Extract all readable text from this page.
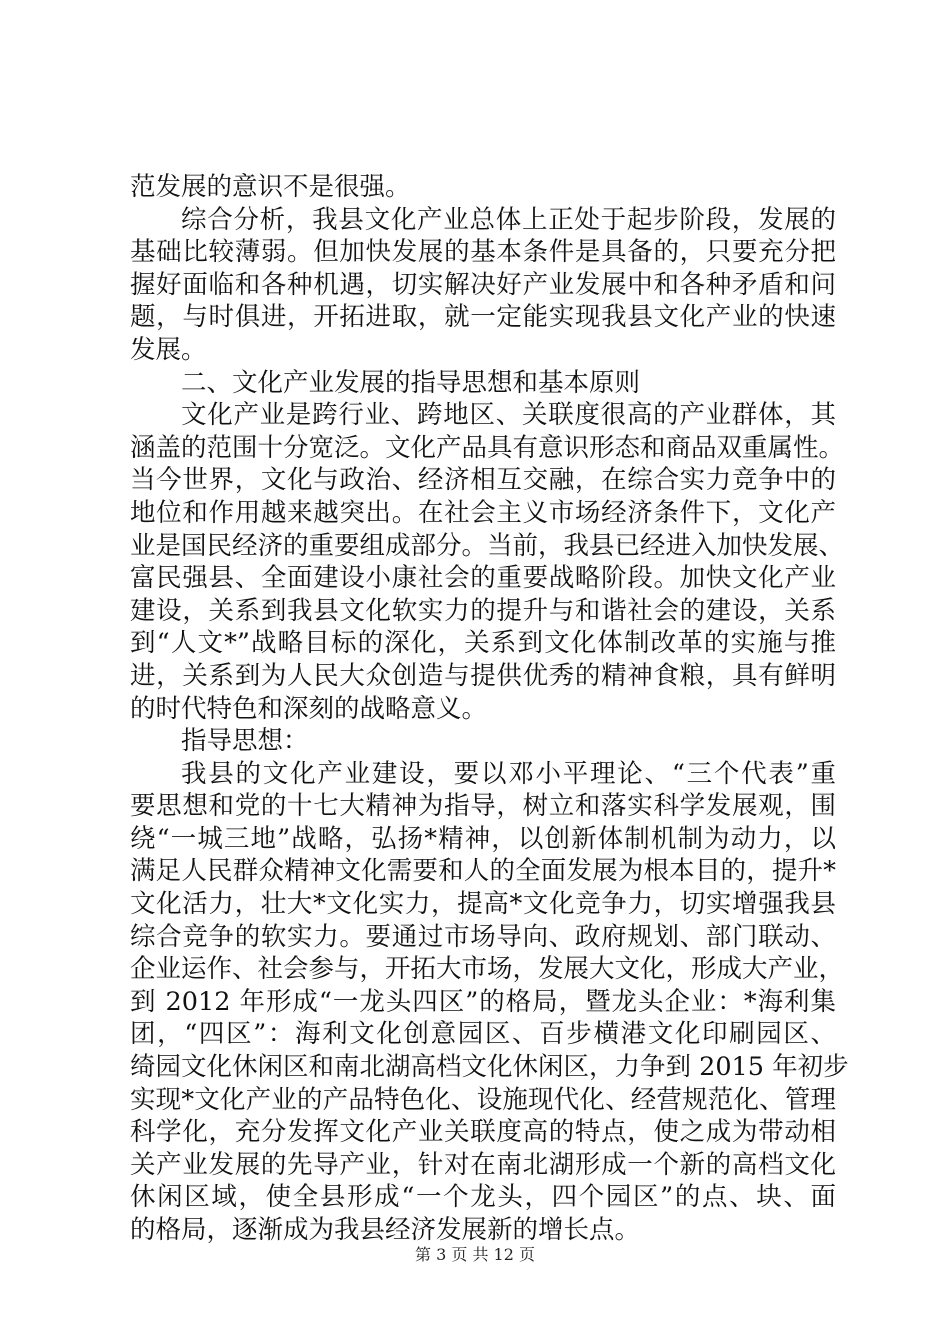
范发展的意识不是很强。
综合分析，我县文化产业总体上正处于起步阶段，发展的
基础比较薄弱。但加快发展的基本条件是具备的，只要充分把
握好面临和各种机遇，切实解决好产业发展中和各种矛盾和问
题，与时俱进，开拓进取，就一定能实现我县文化产业的快速
发展。
二、文化产业发展的指导思想和基本原则
文化产业是跨行业、跨地区、关联度很高的产业群体，其
涵盖的范围十分宽泛。文化产品具有意识形态和商品双重属性。
当今世界，文化与政治、经济相互交融，在综合实力竞争中的
地位和作用越来越突出。在社会主义市场经济条件下，文化产
业是国民经济的重要组成部分。当前，我县已经进入加快发展、
富民强县、全面建设小康社会的重要战略阶段。加快文化产业
建设，关系到我县文化软实力的提升与和谐社会的建设，关系
到“人文*”战略目标的深化，关系到文化体制改革的实施与推
进，关系到为人民大众创造与提供优秀的精神食粮，具有鲜明
的时代特色和深刻的战略意义。
指导思想：
我县的文化产业建设，要以邓小平理论、“三个代表”重
要思想和党的十七大精神为指导，树立和落实科学发展观，围
绕“一城三地”战略，弘扬*精神，以创新体制机制为动力，以
满足人民群众精神文化需要和人的全面发展为根本目的，提升*
文化活力，壮大*文化实力，提高*文化竞争力，切实增强我县
综合竞争的软实力。要通过市场导向、政府规划、部门联动、
企业运作、社会参与，开拓大市场，发展大文化，形成大产业，
到 2012 年形成“一龙头四区”的格局，暨龙头企业：*海利集
团，“四区”：海利文化创意园区、百步横港文化印刷园区、
绮园文化休闲区和南北湖高档文化休闲区，力争到 2015 年初步
实现*文化产业的产品特色化、设施现代化、经营规范化、管理
科学化，充分发挥文化产业关联度高的特点，使之成为带动相
关产业发展的先导产业，针对在南北湖形成一个新的高档文化
休闲区域，使全县形成“一个龙头，四个园区”的点、块、面
的格局，逐渐成为我县经济发展新的增长点。
第 3 页 共 12 页
